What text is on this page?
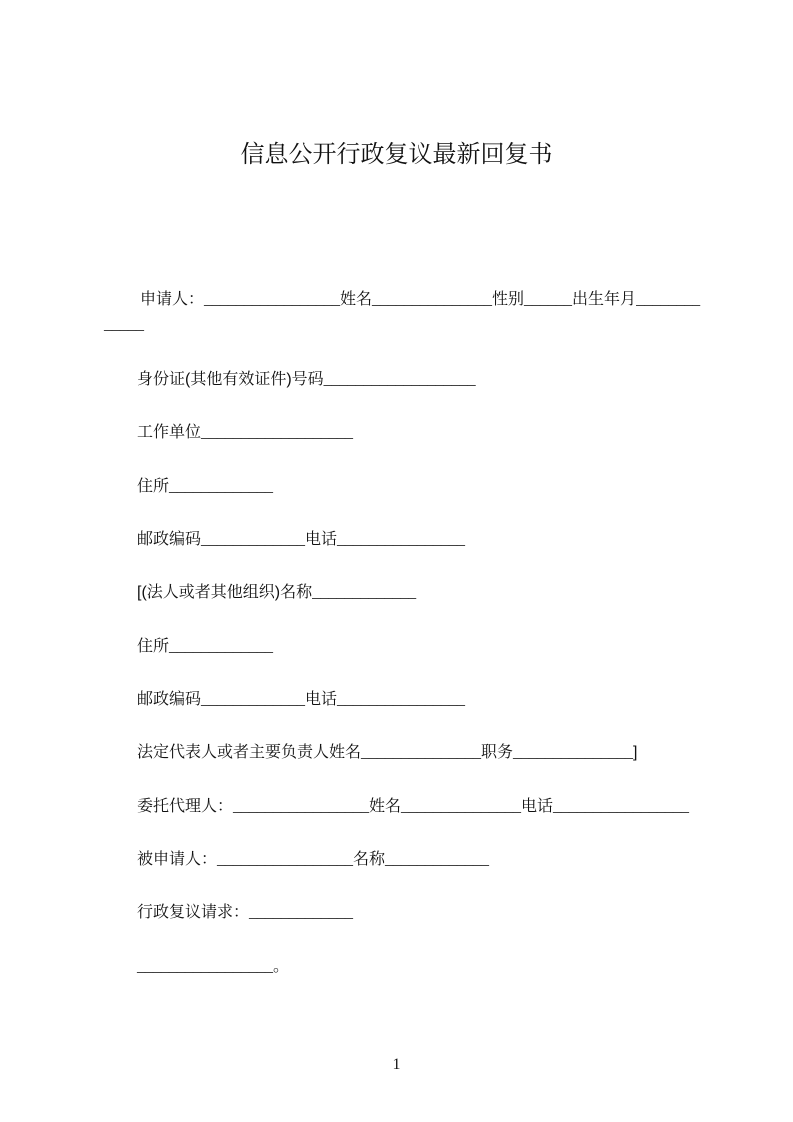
信息公开行政复议最新回复书
申请人：_________________姓名_______________性别______出生年月________
_____
身份证(其他有效证件)号码___________________
工作单位___________________
住所_____________
邮政编码_____________电话________________
[(法人或者其他组织)名称_____________
住所_____________
邮政编码_____________电话________________
法定代表人或者主要负责人姓名_______________职务_______________]
委托代理人：_________________姓名_______________电话_________________
被申请人：_________________名称_____________
行政复议请求：_____________
_________________。
1
